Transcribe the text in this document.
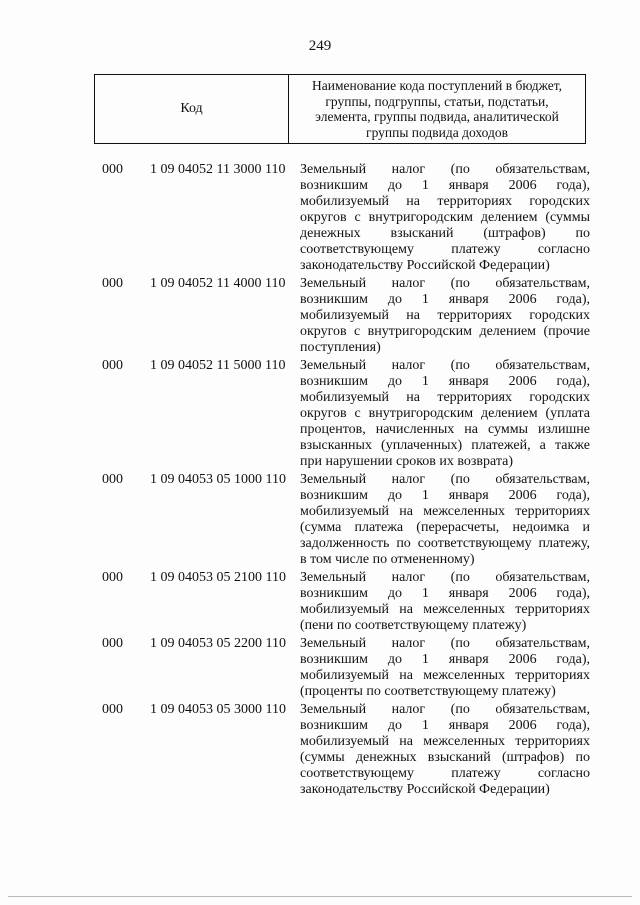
249
Код
Наименование кода поступлений в бюджет,
группы, подгруппы, статьи, подстатьи,
элемента, группы подвида, аналитической
группы подвида доходов
000	1 09 04052 11 3000 110	Земельный налог (по обязательствам,
возникшим до 1 января 2006 года),
мобилизуемый на территориях городских
округов с внутригородским делением (суммы
денежных взысканий (штрафов) по
соответствующему платежу согласно
законодательству Российской Федерации)
000	1 09 04052 11 4000 110	Земельный налог (по обязательствам,
возникшим до 1 января 2006 года),
мобилизуемый на территориях городских
округов с внутригородским делением (прочие
поступления)
000	1 09 04052 11 5000 110	Земельный налог (по обязательствам,
возникшим до 1 января 2006 года),
мобилизуемый на территориях городских
округов с внутригородским делением (уплата
процентов, начисленных на суммы излишне
взысканных (уплаченных) платежей, а также
при нарушении сроков их возврата)
000	1 09 04053 05 1000 110	Земельный налог (по обязательствам,
возникшим до 1 января 2006 года),
мобилизуемый на межселенных территориях
(сумма платежа (перерасчеты, недоимка и
задолженность по соответствующему платежу,
в том числе по отмененному)
000	1 09 04053 05 2100 110	Земельный налог (по обязательствам,
возникшим до 1 января 2006 года),
мобилизуемый на межселенных территориях
(пени по соответствующему платежу)
000	1 09 04053 05 2200 110	Земельный налог (по обязательствам,
возникшим до 1 января 2006 года),
мобилизуемый на межселенных территориях
(проценты по соответствующему платежу)
000	1 09 04053 05 3000 110	Земельный налог (по обязательствам,
возникшим до 1 января 2006 года),
мобилизуемый на межселенных территориях
(суммы денежных взысканий (штрафов) по
соответствующему платежу согласно
законодательству Российской Федерации)
